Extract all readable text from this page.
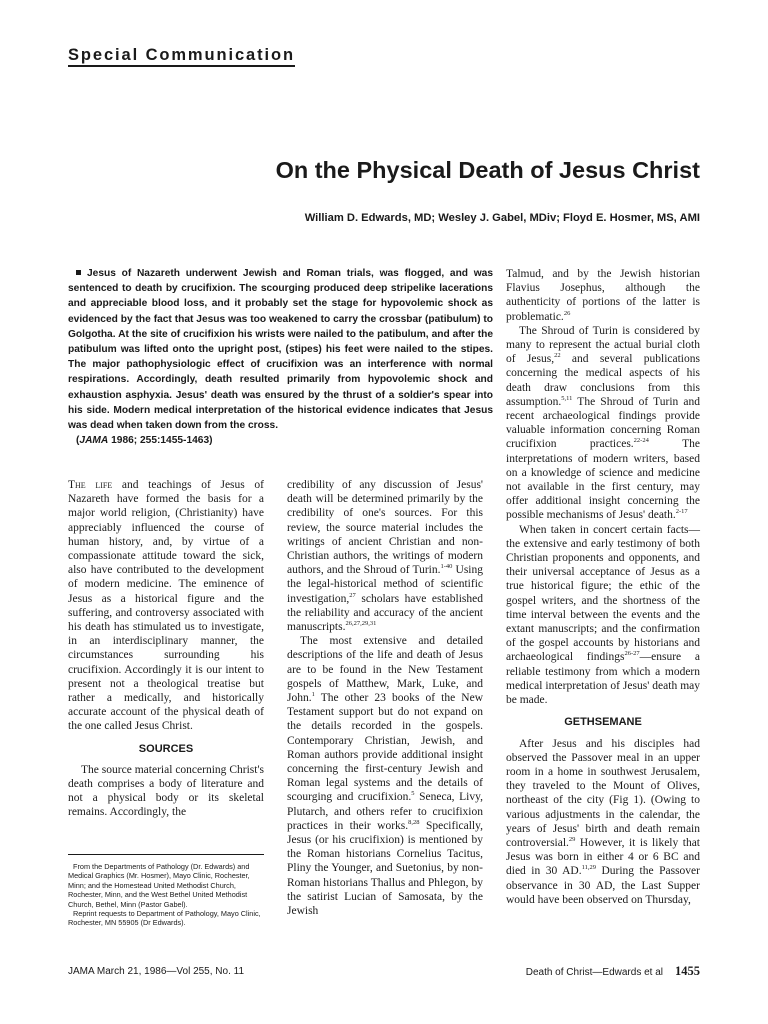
Special Communication
On the Physical Death of Jesus Christ
William D. Edwards, MD; Wesley J. Gabel, MDiv; Floyd E. Hosmer, MS, AMI
Jesus of Nazareth underwent Jewish and Roman trials, was flogged, and was sentenced to death by crucifixion. The scourging produced deep stripelike lacerations and appreciable blood loss, and it probably set the stage for hypovolemic shock as evidenced by the fact that Jesus was too weakened to carry the crossbar (patibulum) to Golgotha. At the site of crucifixion his wrists were nailed to the patibulum, and after the patibulum was lifted onto the upright post, (stipes) his feet were nailed to the stipes. The major pathophysiologic effect of crucifixion was an interference with normal respirations. Accordingly, death resulted primarily from hypovolemic shock and exhaustion asphyxia. Jesus' death was ensured by the thrust of a soldier's spear into his side. Modern medical interpretation of the historical evidence indicates that Jesus was dead when taken down from the cross.
(JAMA 1986; 255:1455-1463)

The life and teachings of Jesus of Nazareth have formed the basis for a major world religion, (Christianity) have appreciably influenced the course of human history, and, by virtue of a compassionate attitude toward the sick, also have contributed to the development of modern medicine. The eminence of Jesus as a historical figure and the suffering, and controversy associated with his death has stimulated us to investigate, in an interdisciplinary manner, the circumstances surrounding his crucifixion. Accordingly it is our intent to present not a theological treatise but rather a medically, and historically accurate account of the physical death of the one called Jesus Christ.

SOURCES

The source material concerning Christ's death comprises a body of literature and not a physical body or its skeletal remains. Accordingly, the

credibility of any discussion of Jesus' death will be determined primarily by the credibility of one's sources. For this review, the source material includes the writings of ancient Christian and non-Christian authors, the writings of modern authors, and the Shroud of Turin.$^{1-40}$ Using the legal-historical method of scientific investigation,$^{27}$ scholars have established the reliability and accuracy of the ancient manuscripts.$^{26,27,29,31}$

The most extensive and detailed descriptions of the life and death of Jesus are to be found in the New Testament gospels of Matthew, Mark, Luke, and John.$^1$ The other 23 books of the New Testament support but do not expand on the details recorded in the gospels. Contemporary Christian, Jewish, and Roman authors provide additional insight concerning the first-century Jewish and Roman legal systems and the details of scourging and crucifixion.$^5$ Seneca, Livy, Plutarch, and others refer to crucifixion practices in their works.$^{8,28}$ Specifically, Jesus (or his crucifixion) is mentioned by the Roman historians Cornelius Tacitus, Pliny the Younger, and Suetonius, by non-Roman historians Thallus and Phlegon, by the satirist Lucian of Samosata, by the Jewish

Talmud, and by the Jewish historian Flavius Josephus, although the authenticity of portions of the latter is problematic.$^{26}$

The Shroud of Turin is considered by many to represent the actual burial cloth of Jesus,$^{22}$ and several publications concerning the medical aspects of his death draw conclusions from this assumption.$^{5,11}$ The Shroud of Turin and recent archaeological findings provide valuable information concerning Roman crucifixion practices.$^{22-24}$ The interpretations of modern writers, based on a knowledge of science and medicine not available in the first century, may offer additional insight concerning the possible mechanisms of Jesus' death.$^{2-17}$

When taken in concert certain facts—the extensive and early testimony of both Christian proponents and opponents, and their universal acceptance of Jesus as a true historical figure; the ethic of the gospel writers, and the shortness of the time interval between the events and the extant manuscripts; and the confirmation of the gospel accounts by historians and archaeological findings$^{26-27}$—ensure a reliable testimony from which a modern medical interpretation of Jesus' death may be made.

GETHSEMANE

After Jesus and his disciples had observed the Passover meal in an upper room in a home in southwest Jerusalem, they traveled to the Mount of Olives, northeast of the city (Fig 1). (Owing to various adjustments in the calendar, the years of Jesus' birth and death remain controversial.$^{29}$ However, it is likely that Jesus was born in either 4 or 6 BC and died in 30 AD.$^{11,29}$ During the Passover observance in 30 AD, the Last Supper would have been observed on Thursday,

From the Departments of Pathology (Dr. Edwards) and Medical Graphics (Mr. Hosmer), Mayo Clinic, Rochester, Minn; and the Homestead United Methodist Church, Rochester, Minn, and the West Bethel United Methodist Church, Bethel, Minn (Pastor Gabel).

Reprint requests to Department of Pathology, Mayo Clinic, Rochester, MN 55905 (Dr Edwards).

JAMA March 21, 1986—Vol 255, No. 11	Death of Christ—Edwards et al 1455
